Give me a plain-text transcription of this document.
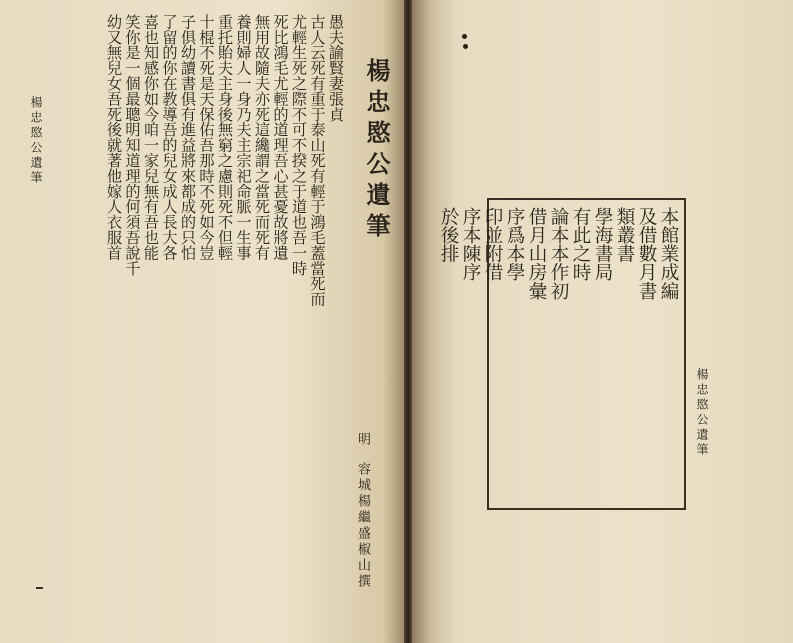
楊忠愍公遺筆
愚夫諭賢妻張貞
古人云死有重于泰山死有輕于鴻毛蓋當死而
尤輕生死之際不可不揆之于道也吾一時
死比鴻毛尤輕的道理吾心甚憂故將遺
無用故隨夫亦死這纔謂之當死而死有
養則婦人一身乃夫主宗祀命脈一生事
重托貽夫主身後無窮之慮則死不但輕
十棍不死是天保佑吾那時不死如今豈
子俱幼讀書俱有進益將來都成的只怕
了留的你在教導吾的兒女成人長大各
喜也知感你如今咱一家兒無有吾也能
笑你是一個最聰明知道理的何須吾說千
幼又無兒女吾死後就著他嫁人衣服首
明容城楊繼盛椒山撰
楊忠愍公遺筆
本館業成編
及借數月書
類叢書
學海書局
有此之時
論本本作初
借月山房彙
序爲本學
印並附借
序本陳序
於後排
楊忠愍公遺筆
